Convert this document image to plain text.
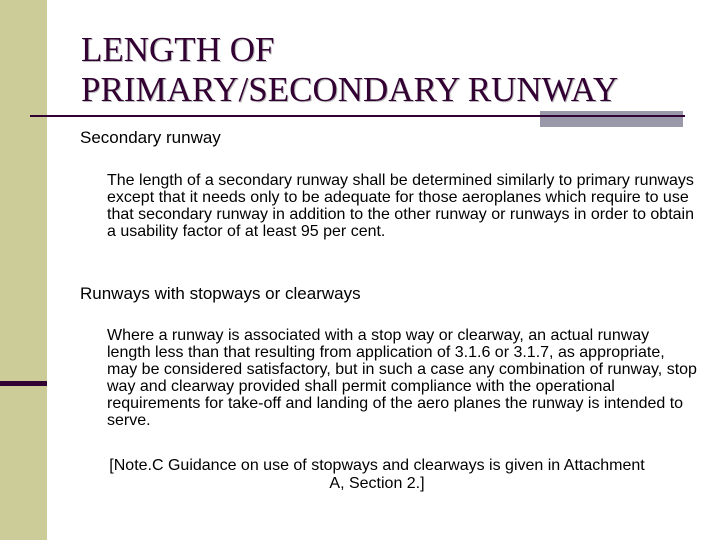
LENGTH OF
PRIMARY/SECONDARY RUNWAY
Secondary runway
The length of a secondary runway shall be determined similarly to primary runways except that it needs only to be adequate for those aeroplanes which require to use that secondary runway in addition to the other runway or runways in order to obtain a usability factor of at least 95 per cent.
Runways with stopways or clearways
Where a runway is associated with a stop way or clearway, an actual runway length less than that resulting from application of 3.1.6 or 3.1.7, as appropriate, may be considered satisfactory, but in such a case any combination of runway, stop way and clearway provided shall permit compliance with the operational requirements for take-off and landing of the aero planes the runway is intended to serve.
[Note.C Guidance on use of stopways and clearways is given in Attachment A, Section 2.]
